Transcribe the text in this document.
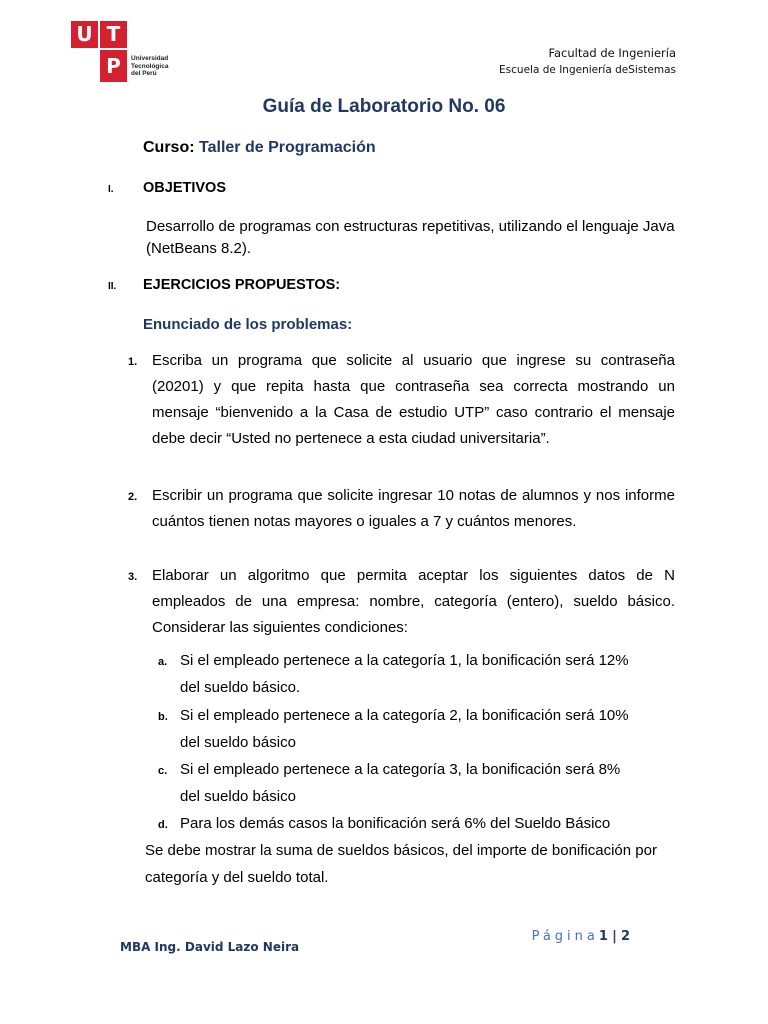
U T
P	Universidad
Tecnológica
del Perú
Facultad de Ingeniería
Escuela de Ingeniería deSistemas
Guía de Laboratorio No. 06
Curso: Taller de Programación
I. OBJETIVOS
Desarrollo de programas con estructuras repetitivas, utilizando el lenguaje Java (NetBeans 8.2).
II. EJERCICIOS PROPUESTOS:
Enunciado de los problemas:
1. Escriba un programa que solicite al usuario que ingrese su contraseña (20201) y que repita hasta que contraseña sea correcta mostrando un mensaje “bienvenido a la Casa de estudio UTP” caso contrario el mensaje debe decir “Usted no pertenece a esta ciudad universitaria”.
2. Escribir un programa que solicite ingresar 10 notas de alumnos y nos informe cuántos tienen notas mayores o iguales a 7 y cuántos menores.
3. Elaborar un algoritmo que permita aceptar los siguientes datos de N empleados de una empresa: nombre, categoría (entero), sueldo básico. Considerar las siguientes condiciones:
a. Si el empleado pertenece a la categoría 1, la bonificación será 12%
del sueldo básico.
b. Si el empleado pertenece a la categoría 2, la bonificación será 10%
del sueldo básico
c. Si el empleado pertenece a la categoría 3, la bonificación será 8%
del sueldo básico
d. Para los demás casos la bonificación será 6% del Sueldo Básico
Se debe mostrar la suma de sueldos básicos, del importe de bonificación por categoría y del sueldo total.
MBA Ing. David Lazo Neira
Página1 | 2
